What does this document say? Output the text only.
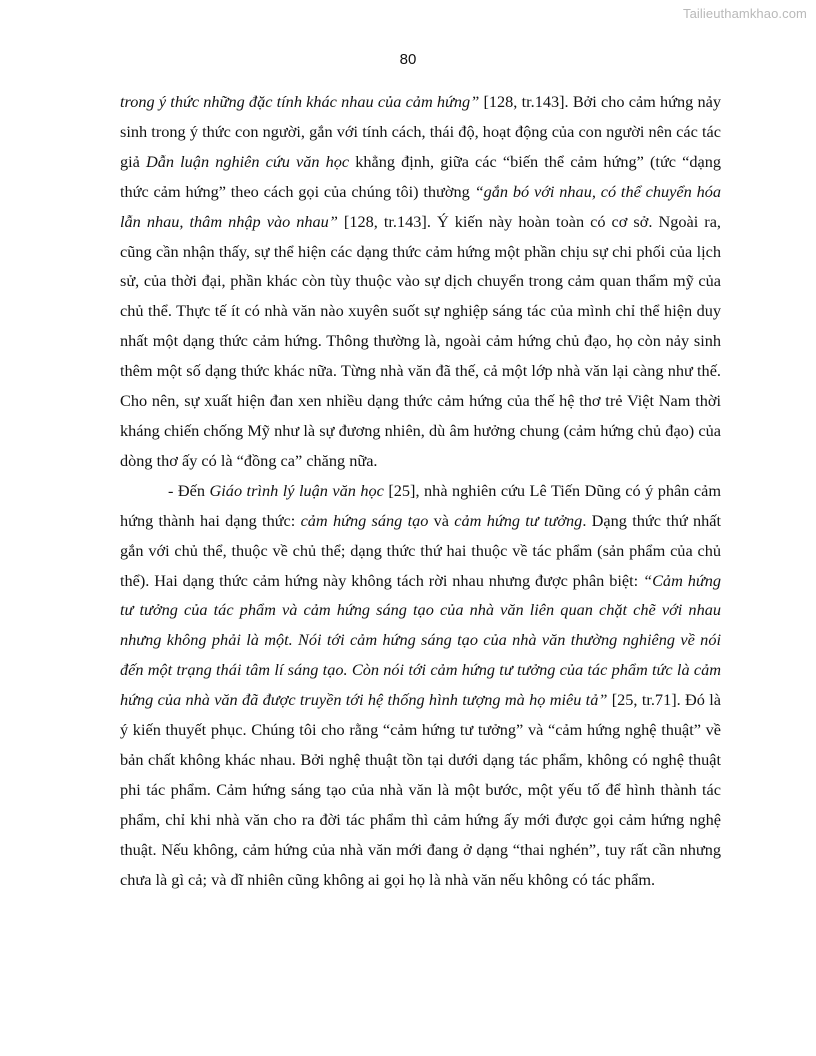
Tailieuthamkhao.com
80

trong ý thức những đặc tính khác nhau của cảm hứng” [128, tr.143]. Bởi cho cảm hứng nảy sinh trong ý thức con người, gắn với tính cách, thái độ, hoạt động của con người nên các tác giả Dẫn luận nghiên cứu văn học khẳng định, giữa các “biến thể cảm hứng” (tức “dạng thức cảm hứng” theo cách gọi của chúng tôi) thường “gắn bó với nhau, có thể chuyển hóa lẫn nhau, thâm nhập vào nhau” [128, tr.143]. Ý kiến này hoàn toàn có cơ sở. Ngoài ra, cũng cần nhận thấy, sự thể hiện các dạng thức cảm hứng một phần chịu sự chi phối của lịch sử, của thời đại, phần khác còn tùy thuộc vào sự dịch chuyển trong cảm quan thẩm mỹ của chủ thể. Thực tế ít có nhà văn nào xuyên suốt sự nghiệp sáng tác của mình chỉ thể hiện duy nhất một dạng thức cảm hứng. Thông thường là, ngoài cảm hứng chủ đạo, họ còn nảy sinh thêm một số dạng thức khác nữa. Từng nhà văn đã thế, cả một lớp nhà văn lại càng như thế. Cho nên, sự xuất hiện đan xen nhiều dạng thức cảm hứng của thế hệ thơ trẻ Việt Nam thời kháng chiến chống Mỹ như là sự đương nhiên, dù âm hưởng chung (cảm hứng chủ đạo) của dòng thơ ấy có là “đồng ca” chăng nữa.

- Đến Giáo trình lý luận văn học [25], nhà nghiên cứu Lê Tiến Dũng có ý phân cảm hứng thành hai dạng thức: cảm hứng sáng tạo và cảm hứng tư tưởng. Dạng thức thứ nhất gắn với chủ thể, thuộc về chủ thể; dạng thức thứ hai thuộc về tác phẩm (sản phẩm của chủ thể). Hai dạng thức cảm hứng này không tách rời nhau nhưng được phân biệt: “Cảm hứng tư tưởng của tác phẩm và cảm hứng sáng tạo của nhà văn liên quan chặt chẽ với nhau nhưng không phải là một. Nói tới cảm hứng sáng tạo của nhà văn thường nghiêng về nói đến một trạng thái tâm lí sáng tạo. Còn nói tới cảm hứng tư tưởng của tác phẩm tức là cảm hứng của nhà văn đã được truyền tới hệ thống hình tượng mà họ miêu tả” [25, tr.71]. Đó là ý kiến thuyết phục. Chúng tôi cho rằng “cảm hứng tư tưởng” và “cảm hứng nghệ thuật” về bản chất không khác nhau. Bởi nghệ thuật tồn tại dưới dạng tác phẩm, không có nghệ thuật phi tác phẩm. Cảm hứng sáng tạo của nhà văn là một bước, một yếu tố để hình thành tác phẩm, chỉ khi nhà văn cho ra đời tác phẩm thì cảm hứng ấy mới được gọi cảm hứng nghệ thuật. Nếu không, cảm hứng của nhà văn mới đang ở dạng “thai nghén”, tuy rất cần nhưng chưa là gì cả; và dĩ nhiên cũng không ai gọi họ là nhà văn nếu không có tác phẩm.
